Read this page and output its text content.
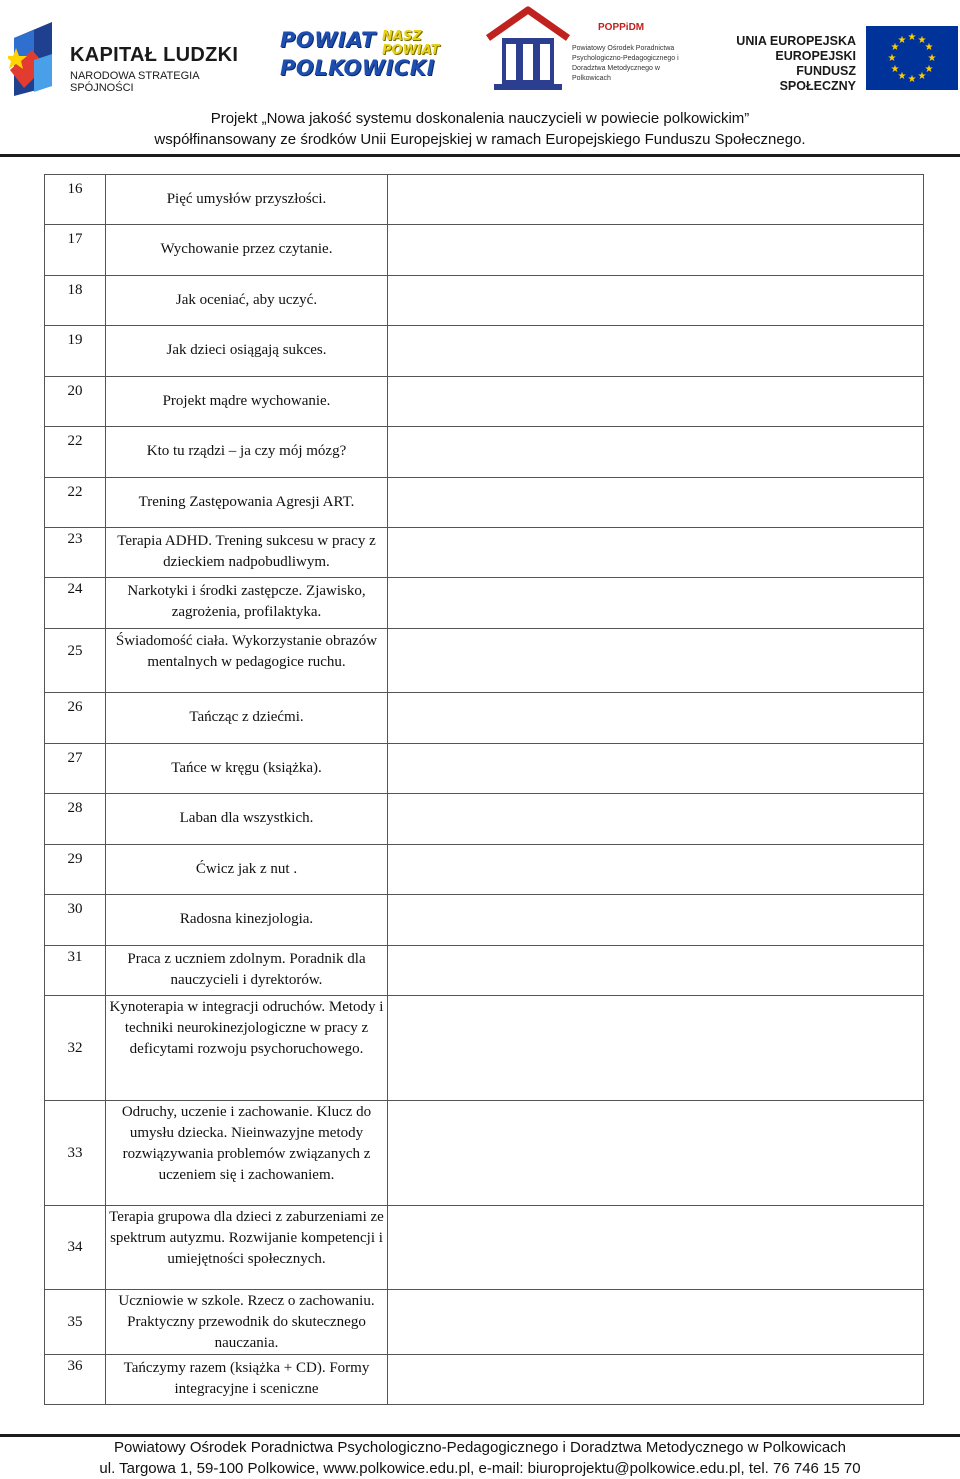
KAPITAŁ LUDZKI
NARODOWA STRATEGIA SPÓJNOŚCI
POWIAT NASZ
POWIAT
POLKOWICKI
POPPiDM
Powiatowy Ośrodek Poradnictwa Psychologiczno-Pedagogicznego i Doradztwa Metodycznego w Polkowicach
UNIA EUROPEJSKA EUROPEJSKI FUNDUSZ SPOŁECZNY
★ ★
★
★
★
★
★
★
★
★
★
★
Projekt „Nowa jakość systemu doskonalenia nauczycieli w powiecie polkowickim”
współfinansowany ze środków Unii Europejskiej w ramach Europejskiego Funduszu Społecznego.
16	Pięć umysłów przyszłości.	

17	Wychowanie przez czytanie.	

18	Jak oceniać, aby uczyć.	

19	Jak dzieci osiągają sukces.	

20	Projekt mądre wychowanie.	

22	Kto tu rządzi – ja czy mój mózg?	

22	Trening Zastępowania Agresji ART.	

23	Terapia ADHD. Trening sukcesu w pracy z dzieckiem nadpobudliwym.	

24	Narkotyki i środki zastępcze. Zjawisko, zagrożenia, profilaktyka.	

25	Świadomość ciała. Wykorzystanie obrazów mentalnych w pedagogice ruchu.	

26	Tańcząc z dziećmi.	

27	Tańce w kręgu (książka).	

28	Laban dla wszystkich.	

29	Ćwicz jak z nut .	

30	Radosna kinezjologia.	

31	Praca z uczniem zdolnym. Poradnik dla nauczycieli i dyrektorów.	

32	Kynoterapia w integracji odruchów. Metody i techniki neurokinezjologiczne w pracy z deficytami rozwoju psychoruchowego.	

33	Odruchy, uczenie i zachowanie. Klucz do umysłu dziecka. Nieinwazyjne metody rozwiązywania problemów związanych z uczeniem się i zachowaniem.	

34	Terapia grupowa dla dzieci z zaburzeniami ze spektrum autyzmu. Rozwijanie kompetencji i umiejętności społecznych.	

35	Uczniowie w szkole. Rzecz o zachowaniu. Praktyczny przewodnik do skutecznego nauczania.	

36	Tańczymy razem (książka + CD). Formy integracyjne i sceniczne	

Powiatowy Ośrodek Poradnictwa Psychologiczno-Pedagogicznego i Doradztwa Metodycznego w Polkowicach
ul. Targowa 1, 59-100 Polkowice, www.polkowice.edu.pl, e-mail: biuroprojektu@polkowice.edu.pl, tel. 76 746 15 70
